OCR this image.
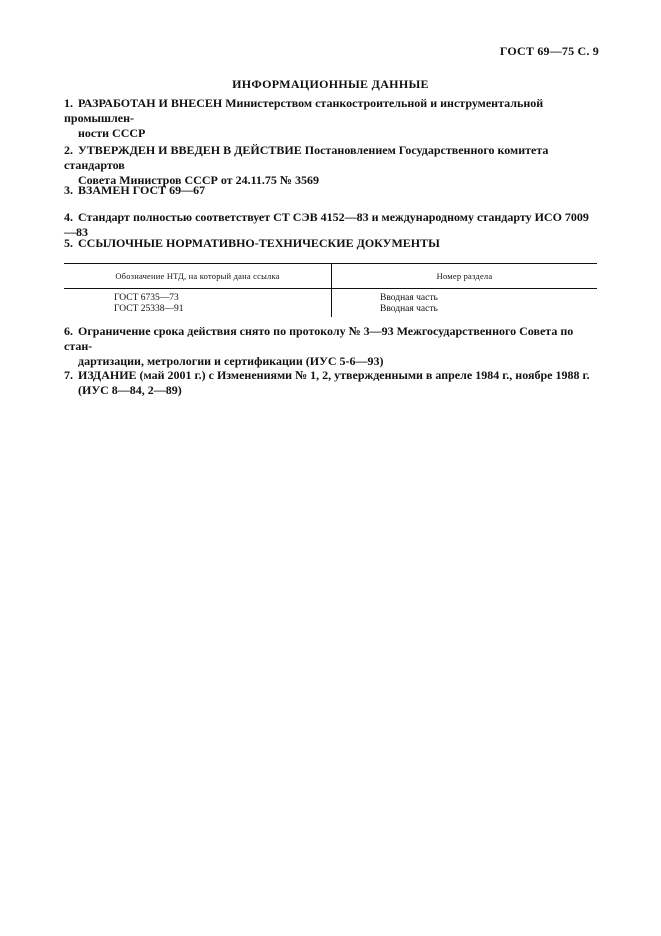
ГОСТ 69—75 С. 9
ИНФОРМАЦИОННЫЕ ДАННЫЕ
1. РАЗРАБОТАН И ВНЕСЕН Министерством станкостроительной и инструментальной промышлен-
ности СССР
2. УТВЕРЖДЕН И ВВЕДЕН В ДЕЙСТВИЕ Постановлением Государственного комитета стандартов
Совета Министров СССР от 24.11.75 № 3569
3. ВЗАМЕН ГОСТ 69—67
4. Стандарт полностью соответствует СТ СЭВ 4152—83 и международному стандарту ИСО 7009—83
5. ССЫЛОЧНЫЕ НОРМАТИВНО-ТЕХНИЧЕСКИЕ ДОКУМЕНТЫ
6. Ограничение срока действия снято по протоколу № 3—93 Межгосударственного Совета по стан-
дартизации, метрологии и сертификации (ИУС 5-6—93)
7. ИЗДАНИЕ (май 2001 г.) с Изменениями № 1, 2, утвержденными в апреле 1984 г., ноябре 1988 г.
(ИУС 8—84, 2—89)
Обозначение НТД, на который дана ссылка	Номер раздела
ГОСТ 6735—73	Вводная часть
ГОСТ 25338—91	Вводная часть
